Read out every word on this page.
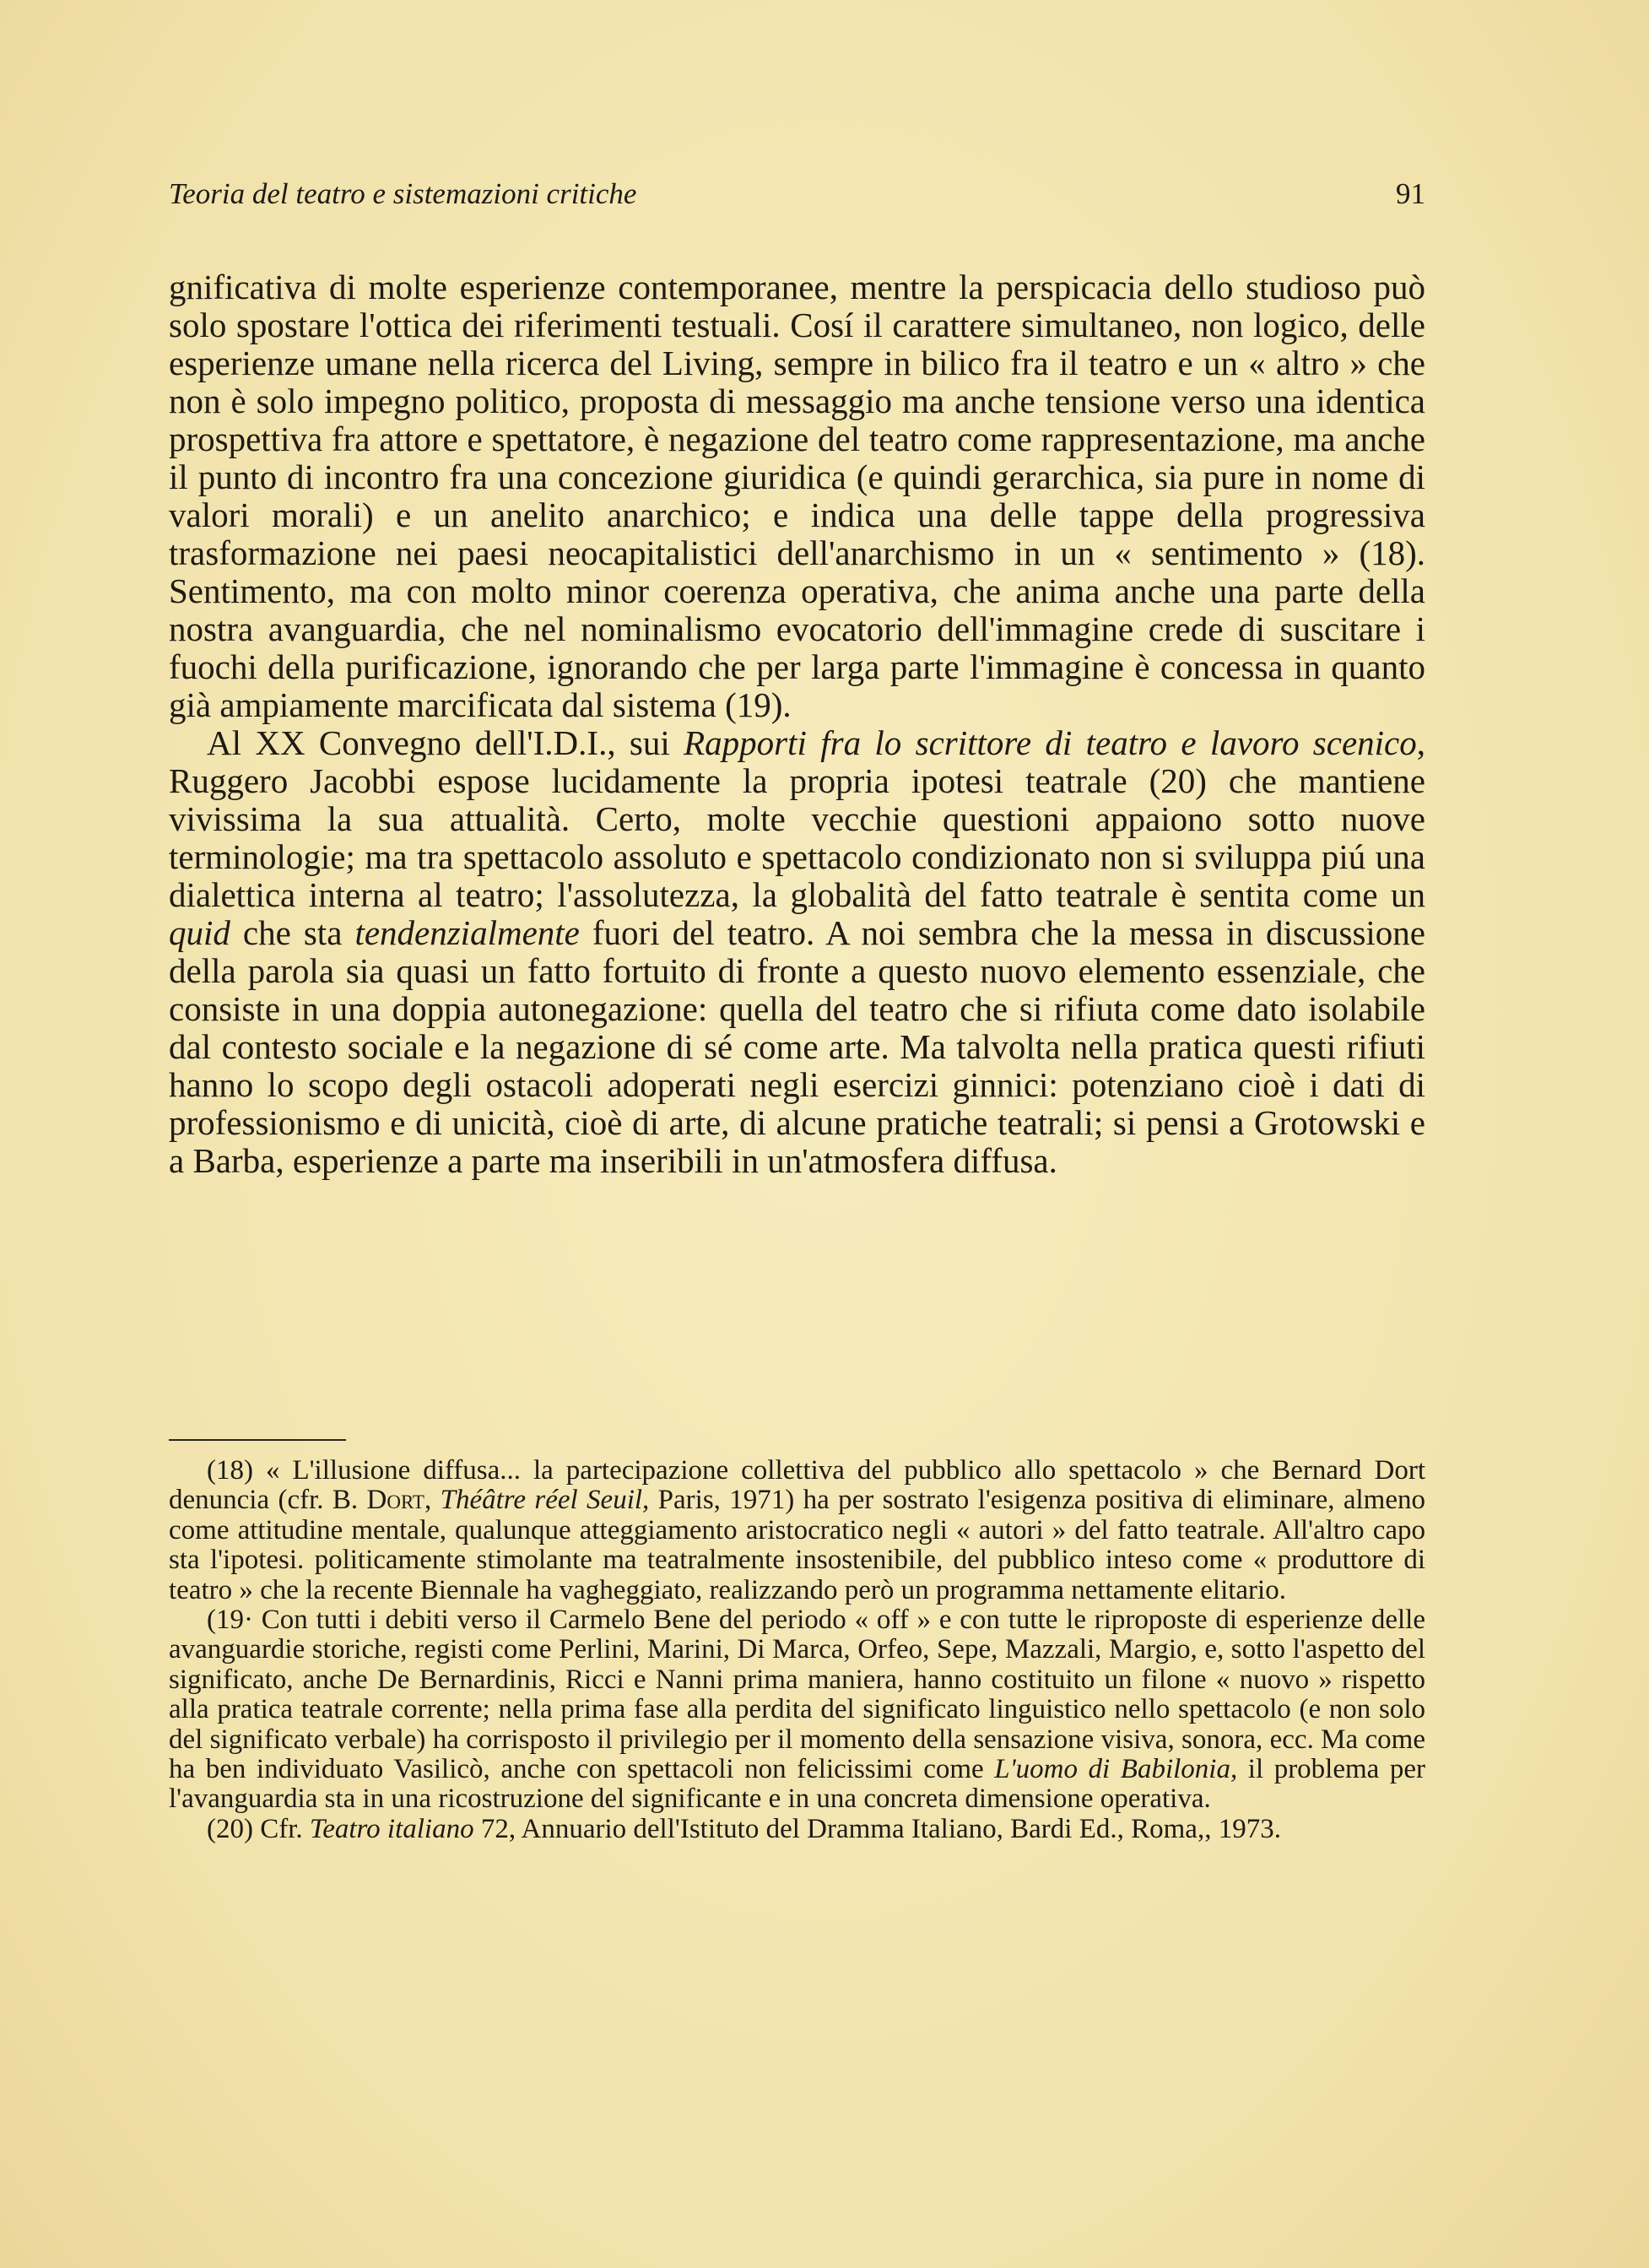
Teoria del teatro e sistemazioni critiche	91

gnificativa di molte esperienze contemporanee, mentre la perspicacia dello studioso può solo spostare l'ottica dei riferimenti testuali. Cosí il carattere simultaneo, non logico, delle esperienze umane nella ricerca del Living, sempre in bilico fra il teatro e un « altro » che non è solo impegno politico, proposta di messaggio ma anche tensione verso una identica prospettiva fra attore e spettatore, è negazione del teatro come rappresentazione, ma anche il punto di incontro fra una concezione giuridica (e quindi gerarchica, sia pure in nome di valori morali) e un anelito anarchico; e indica una delle tappe della progressiva trasformazione nei paesi neocapitalistici dell'anarchismo in un « sentimento » (18). Sentimento, ma con molto minor coerenza operativa, che anima anche una parte della nostra avanguardia, che nel nominalismo evocatorio dell'immagine crede di suscitare i fuochi della purificazione, ignorando che per larga parte l'immagine è concessa in quanto già ampiamente marcificata dal sistema (19).

Al XX Convegno dell'I.D.I., sui Rapporti fra lo scrittore di teatro e lavoro scenico, Ruggero Jacobbi espose lucidamente la propria ipotesi teatrale (20) che mantiene vivissima la sua attualità. Certo, molte vecchie questioni appaiono sotto nuove terminologie; ma tra spettacolo assoluto e spettacolo condizionato non si sviluppa piú una dialettica interna al teatro; l'assolutezza, la globalità del fatto teatrale è sentita come un quid che sta tendenzialmente fuori del teatro. A noi sembra che la messa in discussione della parola sia quasi un fatto fortuito di fronte a questo nuovo elemento essenziale, che consiste in una doppia autonegazione: quella del teatro che si rifiuta come dato isolabile dal contesto sociale e la negazione di sé come arte. Ma talvolta nella pratica questi rifiuti hanno lo scopo degli ostacoli adoperati negli esercizi ginnici: potenziano cioè i dati di professionismo e di unicità, cioè di arte, di alcune pratiche teatrali; si pensi a Grotowski e a Barba, esperienze a parte ma inseribili in un'atmosfera diffusa.

(18) « L'illusione diffusa... la partecipazione collettiva del pubblico allo spettacolo » che Bernard Dort denuncia (cfr. B. Dort, Théâtre réel Seuil, Paris, 1971) ha per sostrato l'esigenza positiva di eliminare, almeno come attitudine mentale, qualunque atteggiamento aristocratico negli « autori » del fatto teatrale. All'altro capo sta l'ipotesi. politicamente stimolante ma teatralmente insostenibile, del pubblico inteso come « produttore di teatro » che la recente Biennale ha vagheggiato, realizzando però un programma nettamente elitario.

(19· Con tutti i debiti verso il Carmelo Bene del periodo « off » e con tutte le riproposte di esperienze delle avanguardie storiche, registi come Perlini, Marini, Di Marca, Orfeo, Sepe, Mazzali, Margio, e, sotto l'aspetto del significato, anche De Bernardinis, Ricci e Nanni prima maniera, hanno costituito un filone « nuovo » rispetto alla pratica teatrale corrente; nella prima fase alla perdita del significato linguistico nello spettacolo (e non solo del significato verbale) ha corrisposto il privilegio per il momento della sensazione visiva, sonora, ecc. Ma come ha ben individuato Vasilicò, anche con spettacoli non felicissimi come L'uomo di Babilonia, il problema per l'avanguardia sta in una ricostruzione del significante e in una concreta dimensione operativa.

(20) Cfr. Teatro italiano 72, Annuario dell'Istituto del Dramma Italiano, Bardi Ed., Roma,, 1973.
